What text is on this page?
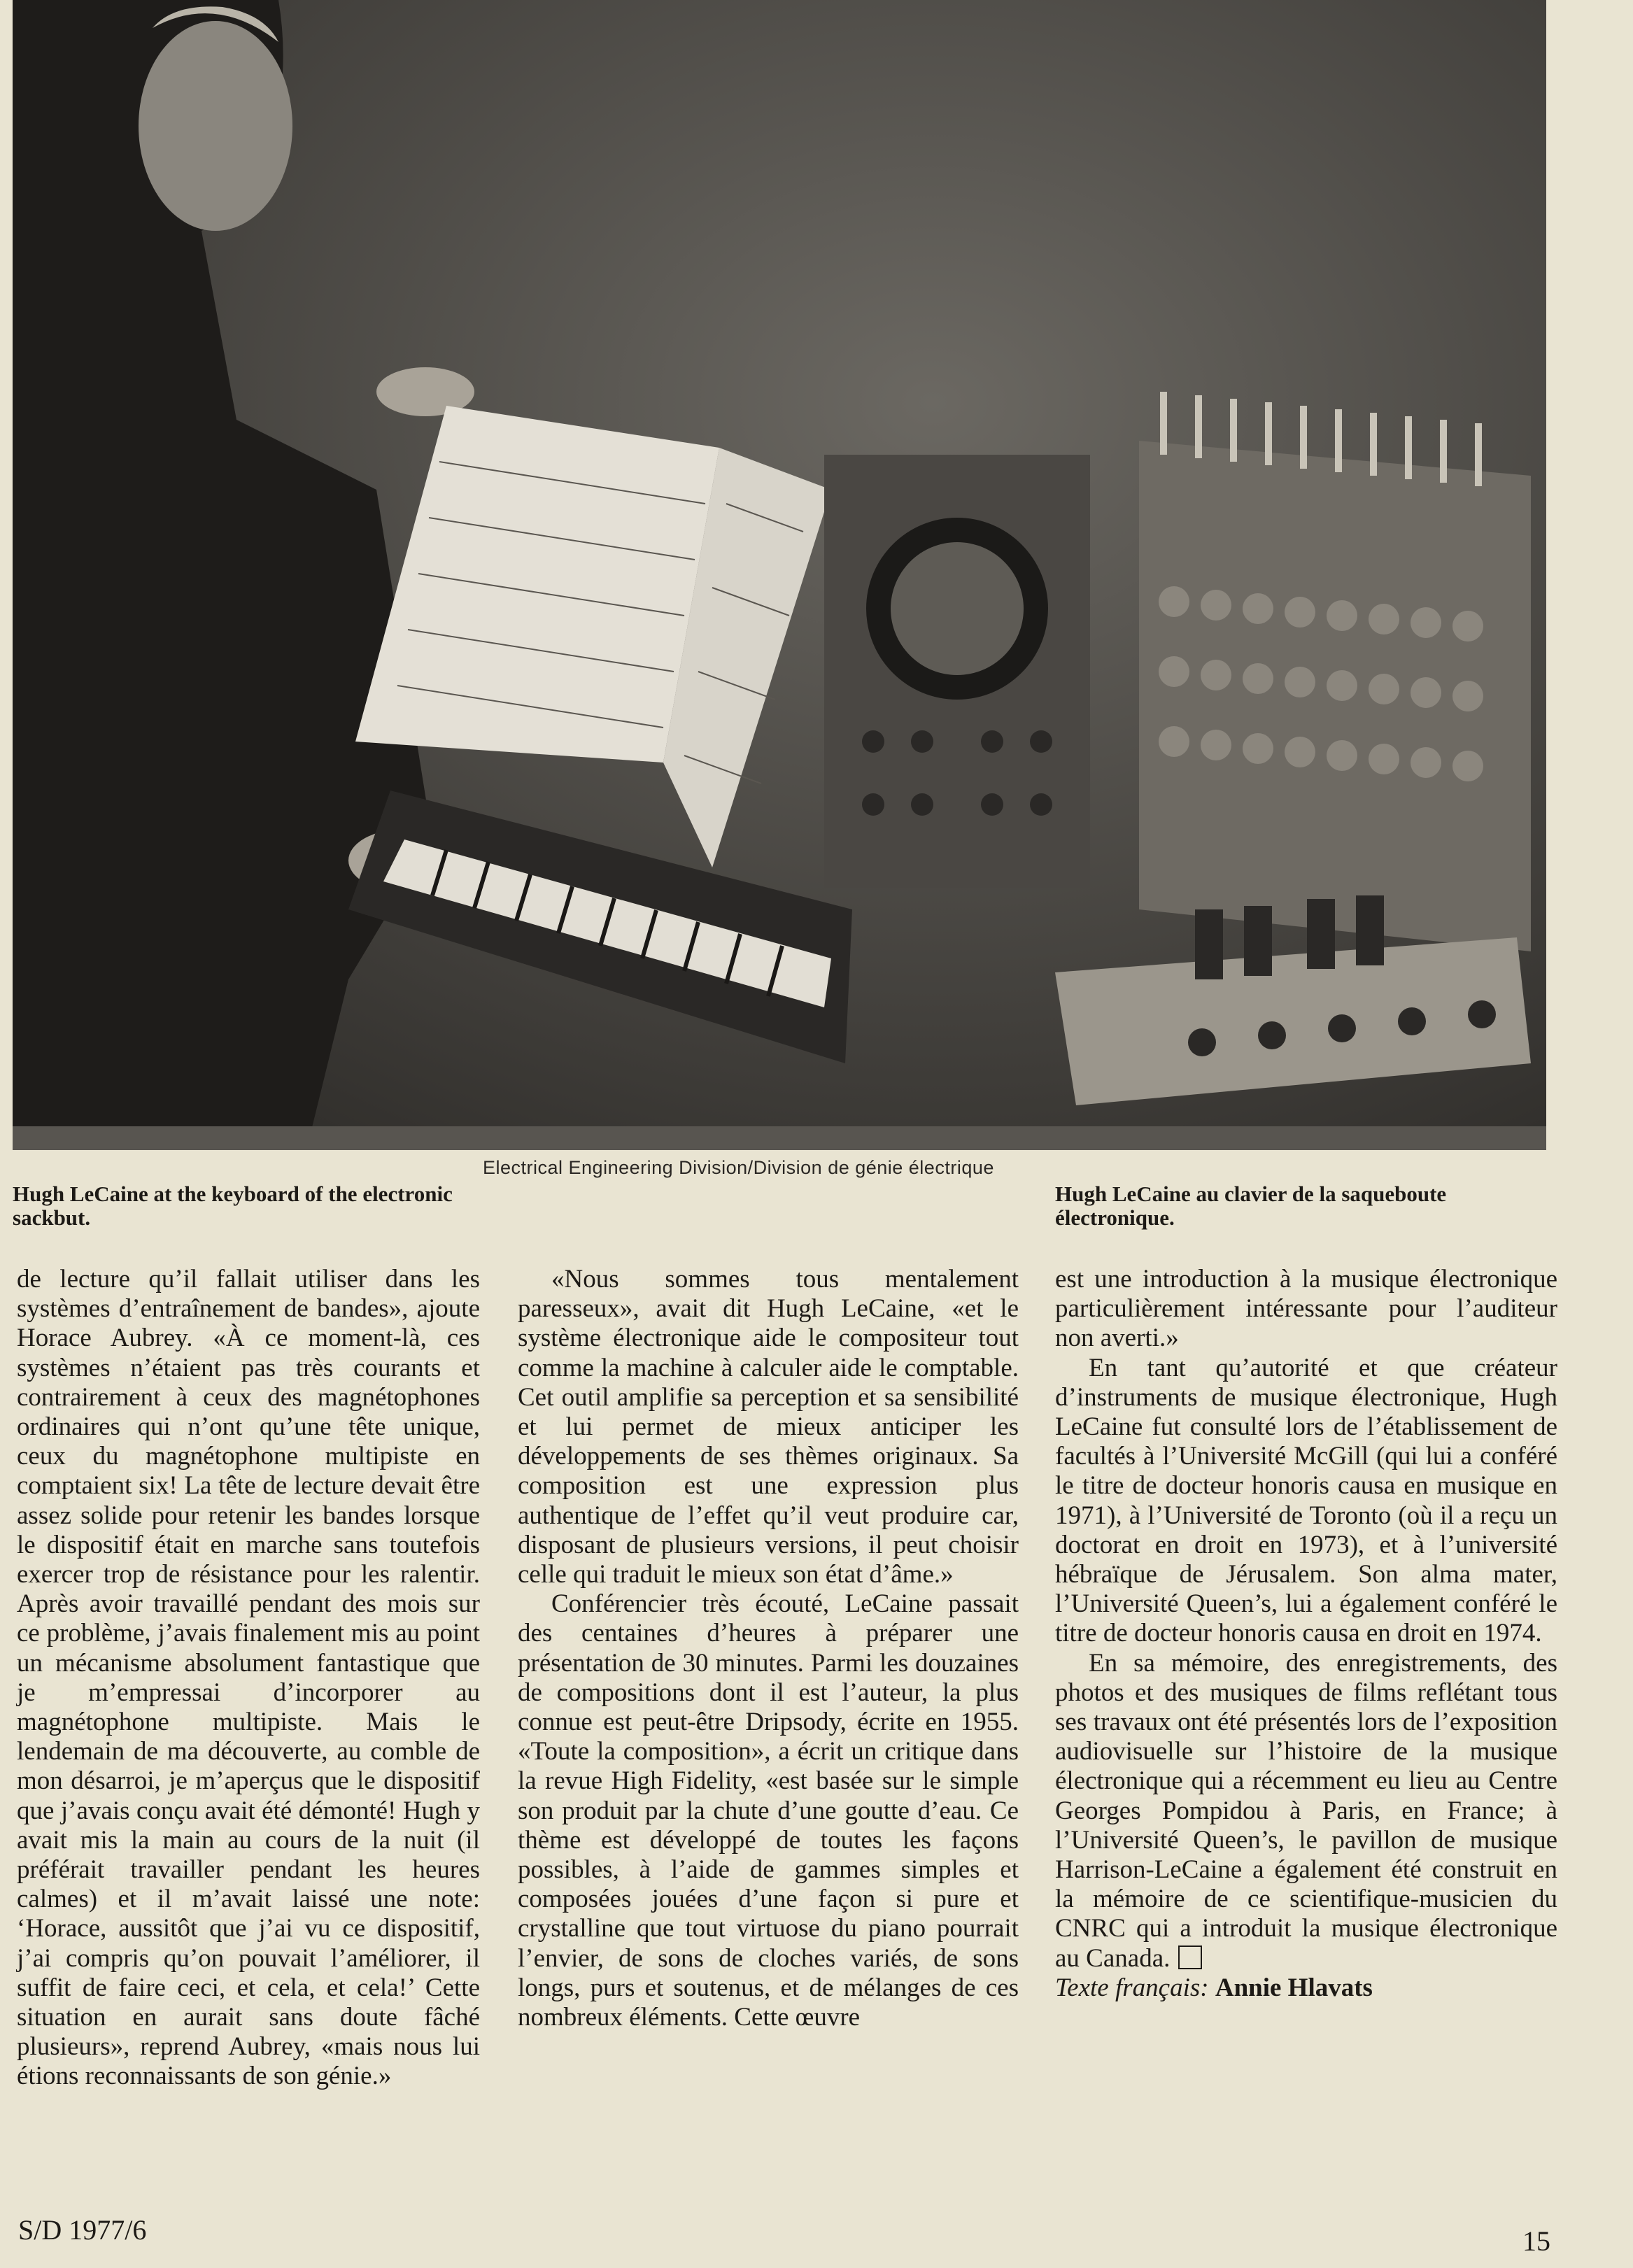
Electrical Engineering Division/Division de génie électrique
Hugh LeCaine at the keyboard of the electronic sackbut.
Hugh LeCaine au clavier de la saqueboute électronique.

de lecture qu’il fallait utiliser dans les systèmes d’entraînement de bandes», ajoute Horace Aubrey. «À ce moment-là, ces systèmes n’étaient pas très courants et contrairement à ceux des magnétophones ordinaires qui n’ont qu’une tête unique, ceux du magnétophone multipiste en comptaient six! La tête de lecture devait être assez solide pour retenir les bandes lorsque le dispositif était en marche sans toutefois exercer trop de résistance pour les ralentir. Après avoir travaillé pendant des mois sur ce problème, j’avais finalement mis au point un mécanisme absolument fantastique que je m’empressai d’incorporer au magnétophone multipiste. Mais le lendemain de ma découverte, au comble de mon désarroi, je m’aperçus que le dispositif que j’avais conçu avait été démonté! Hugh y avait mis la main au cours de la nuit (il préférait travailler pendant les heures calmes) et il m’avait laissé une note: ‘Horace, aussitôt que j’ai vu ce dispositif, j’ai compris qu’on pouvait l’améliorer, il suffit de faire ceci, et cela, et cela!’ Cette situation en aurait sans doute fâché plusieurs», reprend Aubrey, «mais nous lui étions reconnaissants de son génie.»

«Nous sommes tous mentalement paresseux», avait dit Hugh LeCaine, «et le système électronique aide le compositeur tout comme la machine à calculer aide le comptable. Cet outil amplifie sa perception et sa sensibilité et lui permet de mieux anticiper les développements de ses thèmes originaux. Sa composition est une expression plus authentique de l’effet qu’il veut produire car, disposant de plusieurs versions, il peut choisir celle qui traduit le mieux son état d’âme.»

Conférencier très écouté, LeCaine passait des centaines d’heures à préparer une présentation de 30 minutes. Parmi les douzaines de compositions dont il est l’auteur, la plus connue est peut-être Dripsody, écrite en 1955. «Toute la composition», a écrit un critique dans la revue High Fidelity, «est basée sur le simple son produit par la chute d’une goutte d’eau. Ce thème est développé de toutes les façons possibles, à l’aide de gammes simples et composées jouées d’une façon si pure et crystalline que tout virtuose du piano pourrait l’envier, de sons de cloches variés, de sons longs, purs et soutenus, et de mélanges de ces nombreux éléments. Cette œuvre

est une introduction à la musique électronique particulièrement intéressante pour l’auditeur non averti.»

En tant qu’autorité et que créateur d’instruments de musique électronique, Hugh LeCaine fut consulté lors de l’établissement de facultés à l’Université McGill (qui lui a conféré le titre de docteur honoris causa en musique en 1971), à l’Université de Toronto (où il a reçu un doctorat en droit en 1973), et à l’université hébraïque de Jérusalem. Son alma mater, l’Université Queen’s, lui a également conféré le titre de docteur honoris causa en droit en 1974.

En sa mémoire, des enregistrements, des photos et des musiques de films reflétant tous ses travaux ont été présentés lors de l’exposition audiovisuelle sur l’histoire de la musique électronique qui a récemment eu lieu au Centre Georges Pompidou à Paris, en France; à l’Université Queen’s, le pavillon de musique Harrison-LeCaine a également été construit en la mémoire de ce scientifique-musicien du CNRC qui a introduit la musique électronique au Canada.

Texte français: Annie Hlavats

S/D 1977/6	15
